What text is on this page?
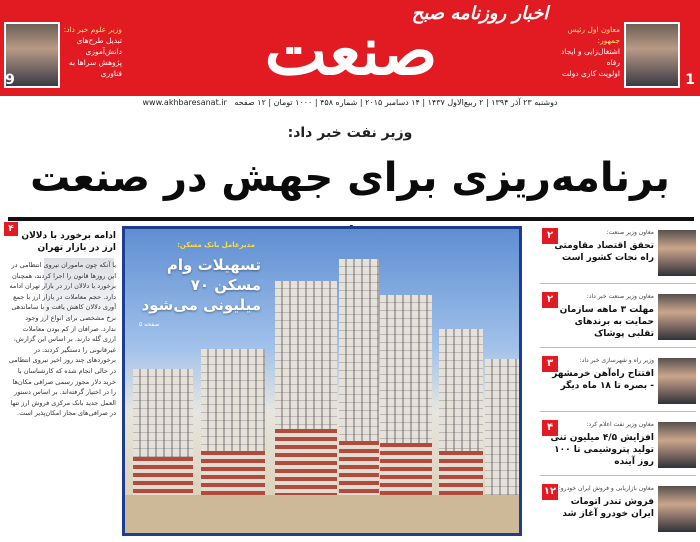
اخبار روزنامه صبح
صنعت
وزیر علوم خبر داد:
تبدیل طرح‌های دانش‌آموزی
پژوهش سراها به فناوری
معاون اول رئیس جمهور:
اشتغال‌زایی و ایجاد رفاه
اولویت کاری دولت
9	1
دوشنبه ۲۳ آذر ۱۳۹۴ | ۲ ربیع‌الاول ۱۴۳۷ | ۱۴ دسامبر ۲۰۱۵ | شماره ۴۵۸ | ۱۰۰۰ تومان | ۱۲ صفحه   www.akhbaresanat.ir
وزیر نفت خبر داد:
برنامه‌ریزی برای جهش در صنعت
۴
ادامه برخورد با دلالان ارز در بازار تهران
با آنکه چون ماموران نیروی انتظامی در این روزها قانون را اجرا کردند، همچنان برخورد با دلالان ارز در بازار تهران ادامه دارد. حجم معاملات در بازار ارز با جمع آوری دلالان کاهش یافت و با ساماندهی نرخ مشخصی برای انواع ارز وجود ندارد. صرافان از کم بودن معاملات ارزی گله دارند. بر اساس این گزارش، غیرقانونی را دستگیر کردند. در برخوردهای چند روز اخیر نیروی انتظامی در حالی انجام شده که کارشناسان با خرید دلار مجوز رسمی صرافی مکان‌ها را در اختیار گرفته‌اند. بر اساس دستور العمل جدید بانک مرکزی فروش ارز تنها در صرافی‌های مجاز امکان‌پذیر است.
مدیرعامل بانک مسکن:
تسهیلات وام مسکن ۷۰ میلیونی می‌شود
صفحه ۵
۲	معاون وزیر صنعت:
تحقق اقتصاد مقاومتی راه نجات کشور است
۲	معاون وزیر صنعت خبر داد:
مهلت ۳ ماهه سازمان حمایت به برندهای تقلبی پوشاک
۳	وزیر راه و شهرسازی خبر داد:
افتتاح راه‌آهن خرمشهر - بصره تا ۱۸ ماه دیگر
۴	معاون وزیر نفت اعلام کرد:
افزایش ۴/۵ میلیون تنی تولید پتروشیمی تا ۱۰۰ روز آینده
۱۲ معاون بازاریابی و فروش ایران خودرو:
فروش تندر اتومات ایران خودرو آغاز شد
